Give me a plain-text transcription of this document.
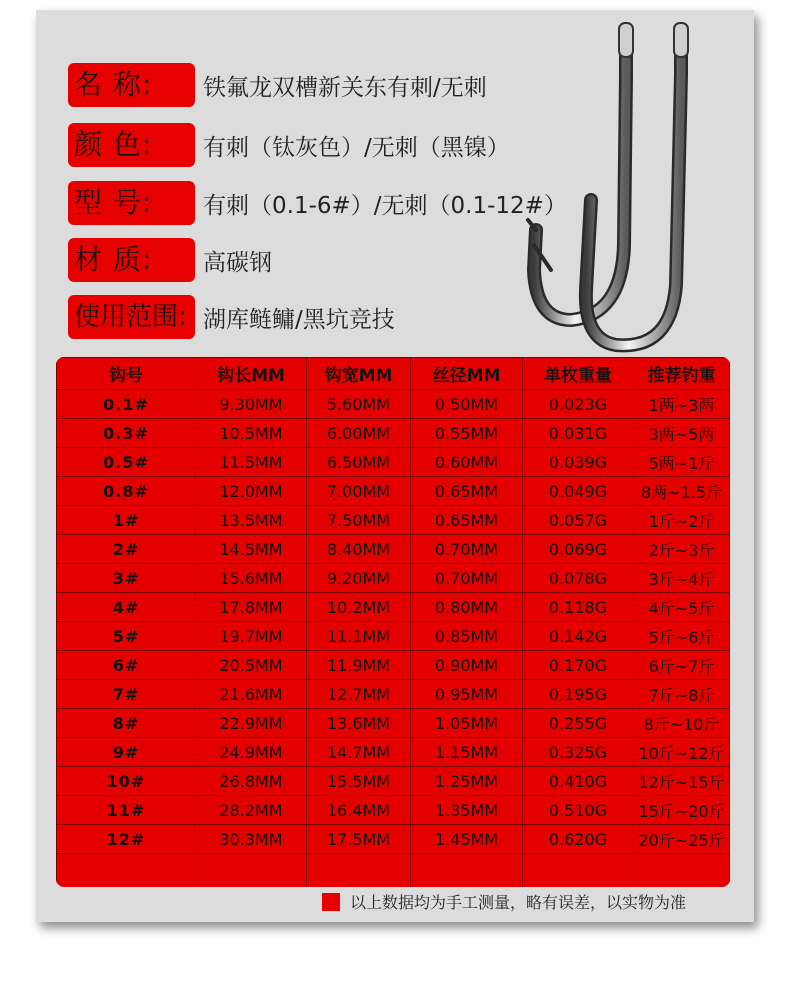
名 称: 铁氟龙双槽新关东有刺/无刺
颜 色: 有刺（钛灰色）/无刺（黑镍）
型 号: 有刺（0.1-6#）/无刺（0.1-12#）
材 质: 高碳钢
使用范围: 湖库鲢鳙/黑坑竞技
钩号	钩长MM	钩宽MM	丝径MM	单枚重量	推荐钓重
0.1#	9.30MM	5.60MM	0.50MM	0.023G	1两~3两
0.3#	10.5MM	6.00MM	0.55MM	0.031G	3两~5两
0.5#	11.5MM	6.50MM	0.60MM	0.039G	5两~1斤
0.8#	12.0MM	7.00MM	0.65MM	0.049G	8两~1.5斤
1#	13.5MM	7.50MM	0.65MM	0.057G	1斤~2斤
2#	14.5MM	8.40MM	0.70MM	0.069G	2斤~3斤
3#	15.6MM	9.20MM	0.70MM	0.078G	3斤~4斤
4#	17.8MM	10.2MM	0.80MM	0.118G	4斤~5斤
5#	19.7MM	11.1MM	0.85MM	0.142G	5斤~6斤
6#	20.5MM	11.9MM	0.90MM	0.170G	6斤~7斤
7#	21.6MM	12.7MM	0.95MM	0.195G	7斤~8斤
8#	22.9MM	13.6MM	1.05MM	0.255G	8斤~10斤
9#	24.9MM	14.7MM	1.15MM	0.325G	10斤~12斤
10#	26.8MM	15.5MM	1.25MM	0.410G	12斤~15斤
11#	28.2MM	16.4MM	1.35MM	0.510G	15斤~20斤
12#	30.3MM	17.5MM	1.45MM	0.620G	20斤~25斤

以上数据均为手工测量，略有误差，以实物为准
